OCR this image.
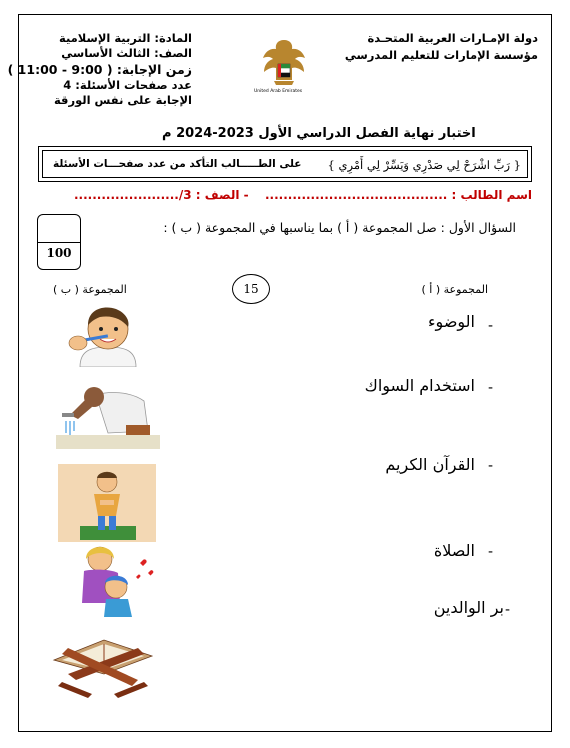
دولة الإمـارات العربية المتحـدة
مؤسسة الإمارات للتعليم المدرسي
United Arab Emirates
المادة: التربية الإسلامية
الصف: الثالث الأساسي
زمن الإجابة: ( 9:00 - 11:00 )
عدد صفحات الأسئلة: 4
الإجابة على نفس الورقة
اختبار نهاية الفصل الدراسي الأول 2023-2024 م
{ رَبِّ اشْرَحْ لِي صَدْرِي وَيَسِّرْ لِي أَمْرِي }
على الطـــــالب التأكد من عدد صفحـــات الأسئلة
اسم الطالب : ........................................
- الصف : 3/.......................
100
السؤال الأول : صل المجموعة ( أ ) بما يناسبها في المجموعة ( ب ) :
15	المجموعة ( أ )
المجموعة ( ب )
الوضوء -
استخدام السواك -
القرآن الكريم -
الصلاة -
بر الوالدين -
